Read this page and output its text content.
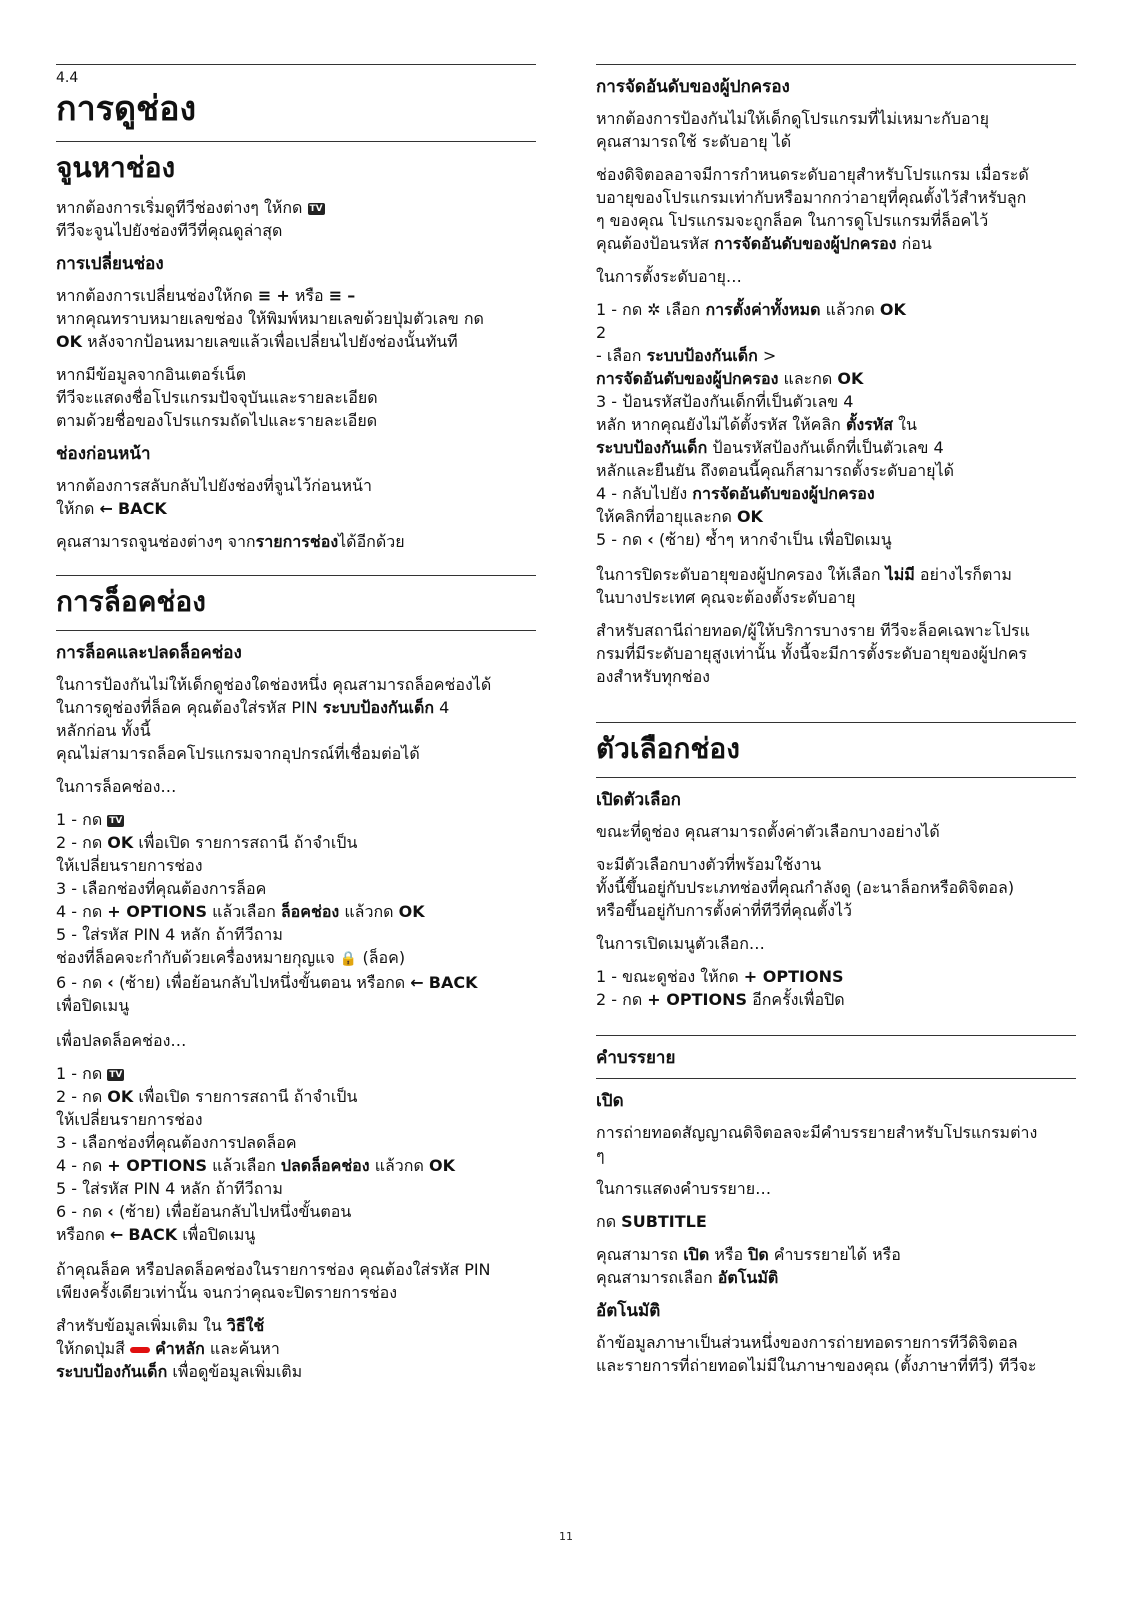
4.4
การดูช่อง
จูนหาช่อง

หากต้องการเริ่มดูทีวีช่องต่างๆ ให้กด TV
ทีวีจะจูนไปยังช่องทีวีที่คุณดูล่าสุด

การเปลี่ยนช่อง

หากต้องการเปลี่ยนช่องให้กด ≡ + หรือ ≡ –
หากคุณทราบหมายเลขช่อง ให้พิมพ์หมายเลขด้วยปุ่มตัวเลข กด
OK หลังจากป้อนหมายเลขแล้วเพื่อเปลี่ยนไปยังช่องนั้นทันที

หากมีข้อมูลจากอินเตอร์เน็ต
ทีวีจะแสดงชื่อโปรแกรมปัจจุบันและรายละเอียด
ตามด้วยชื่อของโปรแกรมถัดไปและรายละเอียด

ช่องก่อนหน้า

หากต้องการสลับกลับไปยังช่องที่จูนไว้ก่อนหน้า
ให้กด ← BACK

คุณสามารถจูนช่องต่างๆ จากรายการช่องได้อีกด้วย

การล็อคช่อง
การล็อคและปลดล็อคช่อง

ในการป้องกันไม่ให้เด็กดูช่องใดช่องหนึ่ง คุณสามารถล็อคช่องได้
ในการดูช่องที่ล็อค คุณต้องใส่รหัส PIN ระบบป้องกันเด็ก 4
หลักก่อน ทั้งนี้
คุณไม่สามารถล็อคโปรแกรมจากอุปกรณ์ที่เชื่อมต่อได้

ในการล็อคช่อง…

1 - กด TV

2 - กด OK เพื่อเปิด รายการสถานี ถ้าจำเป็น
ให้เปลี่ยนรายการช่อง

3 - เลือกช่องที่คุณต้องการล็อค

4 - กด + OPTIONS แล้วเลือก ล็อคช่อง แล้วกด OK

5 - ใส่รหัส PIN 4 หลัก ถ้าทีวีถาม
ช่องที่ล็อคจะกำกับด้วยเครื่องหมายกุญแจ 🔒 (ล็อค)

6 - กด ‹ (ซ้าย) เพื่อย้อนกลับไปหนึ่งขั้นตอน หรือกด ← BACK
เพื่อปิดเมนู

เพื่อปลดล็อคช่อง…

1 - กด TV

2 - กด OK เพื่อเปิด รายการสถานี ถ้าจำเป็น
ให้เปลี่ยนรายการช่อง

3 - เลือกช่องที่คุณต้องการปลดล็อค

4 - กด + OPTIONS แล้วเลือก ปลดล็อคช่อง แล้วกด OK

5 - ใส่รหัส PIN 4 หลัก ถ้าทีวีถาม

6 - กด ‹ (ซ้าย) เพื่อย้อนกลับไปหนึ่งขั้นตอน
หรือกด ← BACK เพื่อปิดเมนู

ถ้าคุณล็อค หรือปลดล็อคช่องในรายการช่อง คุณต้องใส่รหัส PIN
เพียงครั้งเดียวเท่านั้น จนกว่าคุณจะปิดรายการช่อง

สำหรับข้อมูลเพิ่มเติม ใน วิธีใช้
ให้กดปุ่มสี คำหลัก และค้นหา
ระบบป้องกันเด็ก เพื่อดูข้อมูลเพิ่มเติม

การจัดอันดับของผู้ปกครอง

หากต้องการป้องกันไม่ให้เด็กดูโปรแกรมที่ไม่เหมาะกับอายุ
คุณสามารถใช้ ระดับอายุ ได้

ช่องดิจิตอลอาจมีการกำหนดระดับอายุสำหรับโปรแกรม เมื่อระดั
บอายุของโปรแกรมเท่ากับหรือมากกว่าอายุที่คุณตั้งไว้สำหรับลูก
ๆ ของคุณ โปรแกรมจะถูกล็อค ในการดูโปรแกรมที่ล็อคไว้
คุณต้องป้อนรหัส การจัดอันดับของผู้ปกครอง ก่อน

ในการตั้งระดับอายุ…

1 - กด ✲ เลือก การตั้งค่าทั้งหมด แล้วกด OK

2
- เลือก ระบบป้องกันเด็ก >
การจัดอันดับของผู้ปกครอง และกด OK

3 - ป้อนรหัสป้องกันเด็กที่เป็นตัวเลข 4
หลัก หากคุณยังไม่ได้ตั้งรหัส ให้คลิก ตั้งรหัส ใน
ระบบป้องกันเด็ก ป้อนรหัสป้องกันเด็กที่เป็นตัวเลข 4
หลักและยืนยัน ถึงตอนนี้คุณก็สามารถตั้งระดับอายุได้

4 - กลับไปยัง การจัดอันดับของผู้ปกครอง
ให้คลิกที่อายุและกด OK

5 - กด ‹ (ซ้าย) ซ้ำๆ หากจำเป็น เพื่อปิดเมนู

ในการปิดระดับอายุของผู้ปกครอง ให้เลือก ไม่มี อย่างไรก็ตาม
ในบางประเทศ คุณจะต้องตั้งระดับอายุ

สำหรับสถานีถ่ายทอด/ผู้ให้บริการบางราย ทีวีจะล็อคเฉพาะโปรแ
กรมที่มีระดับอายุสูงเท่านั้น ทั้งนี้จะมีการตั้งระดับอายุของผู้ปกคร
องสำหรับทุกช่อง

ตัวเลือกช่อง
เปิดตัวเลือก

ขณะที่ดูช่อง คุณสามารถตั้งค่าตัวเลือกบางอย่างได้

จะมีตัวเลือกบางตัวที่พร้อมใช้งาน
ทั้งนี้ขึ้นอยู่กับประเภทช่องที่คุณกำลังดู (อะนาล็อกหรือดิจิตอล)
หรือขึ้นอยู่กับการตั้งค่าที่ทีวีที่คุณตั้งไว้

ในการเปิดเมนูตัวเลือก…

1 - ขณะดูช่อง ให้กด + OPTIONS

2 - กด + OPTIONS อีกครั้งเพื่อปิด

คำบรรยาย
เปิด

การถ่ายทอดสัญญาณดิจิตอลจะมีคำบรรยายสำหรับโปรแกรมต่าง
ๆ

ในการแสดงคำบรรยาย…

กด SUBTITLE

คุณสามารถ เปิด หรือ ปิด คำบรรยายได้ หรือ
คุณสามารถเลือก อัตโนมัติ

อัตโนมัติ

ถ้าข้อมูลภาษาเป็นส่วนหนึ่งของการถ่ายทอดรายการทีวีดิจิตอล
และรายการที่ถ่ายทอดไม่มีในภาษาของคุณ (ตั้งภาษาที่ทีวี) ทีวีจะ

11
